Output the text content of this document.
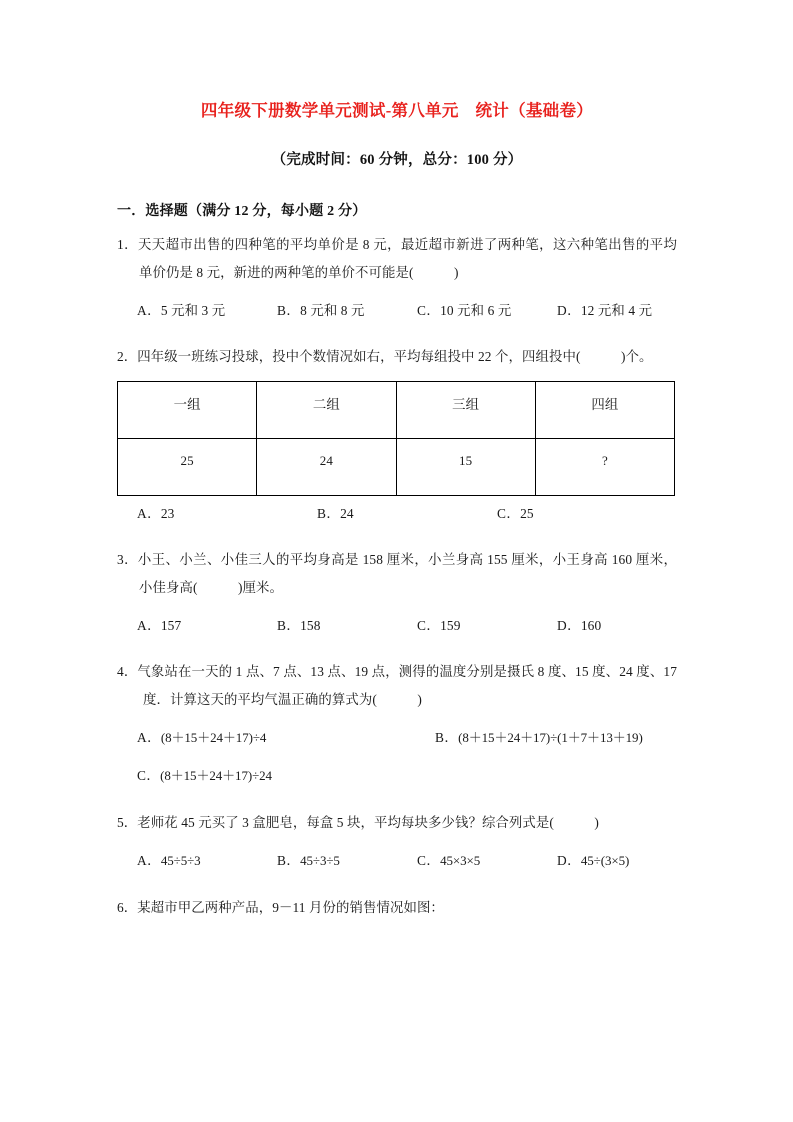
四年级下册数学单元测试-第八单元　统计（基础卷）

（完成时间：60 分钟，总分：100 分）

一．选择题（满分 12 分，每小题 2 分）

1．天天超市出售的四种笔的平均单价是 8 元，最近超市新进了两种笔，这六种笔出售的平均单价仍是 8 元，新进的两种笔的单价不可能是(　　　)

A．5 元和 3 元	B．8 元和 8 元	C．10 元和 6 元	D．12 元和 4 元

2．四年级一班练习投球，投中个数情况如右，平均每组投中 22 个，四组投中(　　　)个。

一组	二组	三组	四组
25	24	15	?
A．23	B．24	C．25

3．小王、小兰、小佳三人的平均身高是 158 厘米，小兰身高 155 厘米，小王身高 160 厘米，小佳身高(　　　)厘米。

A．157	B．158	C．159	D．160

4．气象站在一天的 1 点、7 点、13 点、19 点，测得的温度分别是摄氏 8 度、15 度、24 度、17 度．计算这天的平均气温正确的算式为(　　　)

A．(8＋15＋24＋17)÷4	B．(8＋15＋24＋17)÷(1＋7＋13＋19)
C．(8＋15＋24＋17)÷24

5．老师花 45 元买了 3 盒肥皂，每盒 5 块，平均每块多少钱？综合列式是(　　　)

A．45÷5÷3	B．45÷3÷5	C．45×3×5	D．45÷(3×5)

6．某超市甲乙两种产品，9－11 月份的销售情况如图：
